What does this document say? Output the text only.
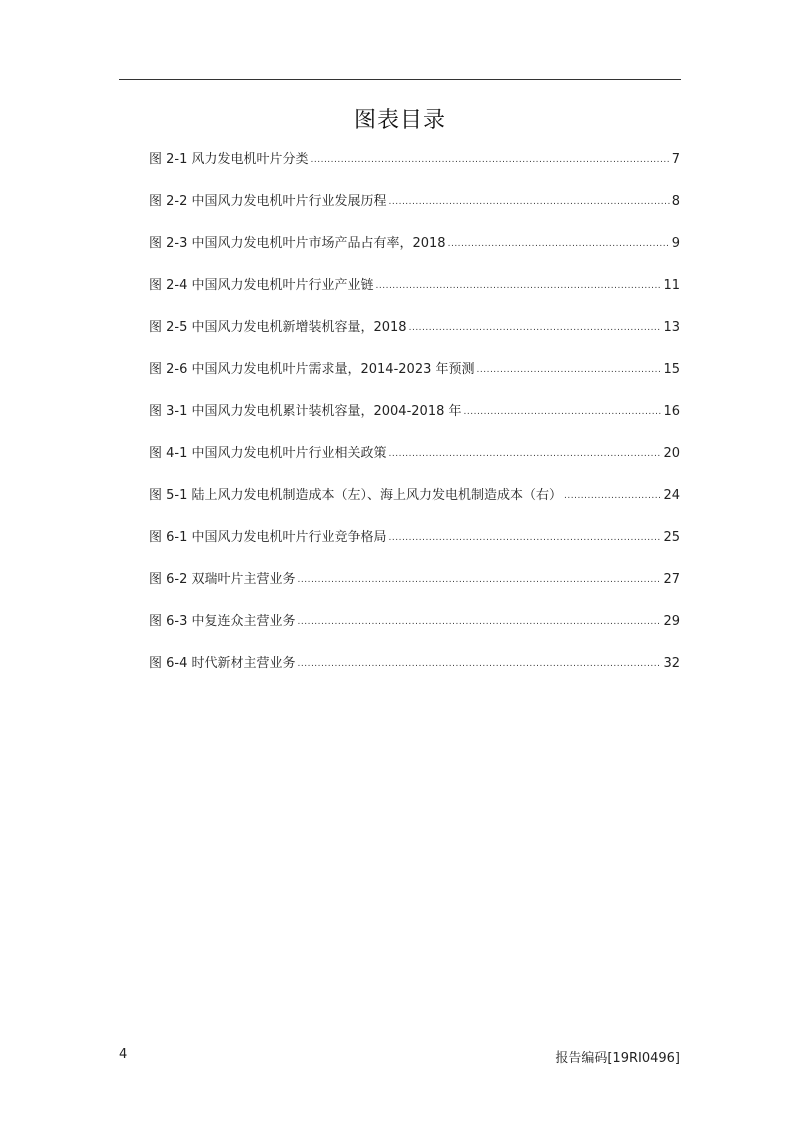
图表目录
图 2-1 风力发电机叶片分类 .....	7
图 2-2 中国风力发电机叶片行业发展历程 .....	8
图 2-3 中国风力发电机叶片市场产品占有率，2018 .....	9
图 2-4 中国风力发电机叶片行业产业链 .....	11
图 2-5 中国风力发电机新增装机容量，2018 .....	13
图 2-6 中国风力发电机叶片需求量，2014-2023 年预测 .....	15
图 3-1 中国风力发电机累计装机容量，2004-2018 年 .....	16
图 4-1 中国风力发电机叶片行业相关政策 .....	20
图 5-1 陆上风力发电机制造成本（左）、海上风力发电机制造成本（右） .....	24
图 6-1 中国风力发电机叶片行业竞争格局 .....	25
图 6-2 双瑞叶片主营业务 .....	27
图 6-3 中复连众主营业务 .....	29
图 6-4 时代新材主营业务 .....	32
4	报告编码[19RI0496]
